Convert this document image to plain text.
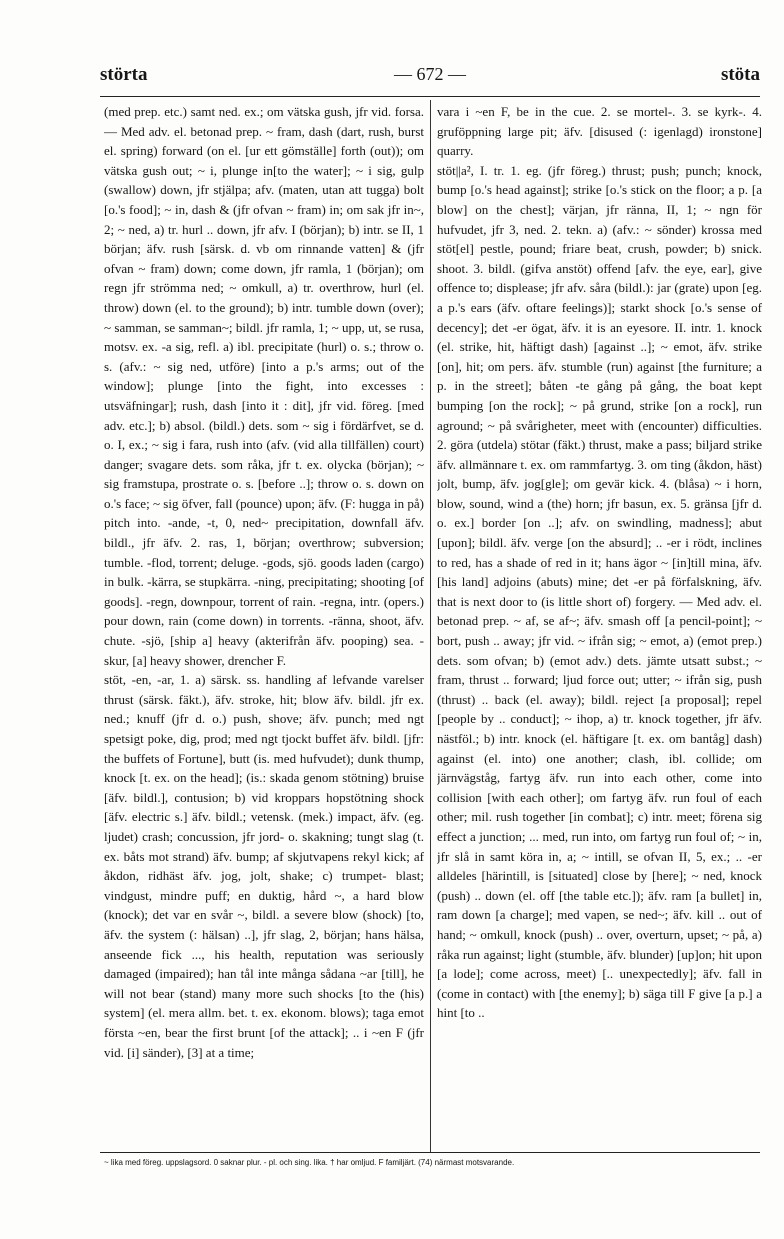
störta	— 672 —	stöta

(med prep. etc.) samt ned. ex.; om vätska gush, jfr vid. forsa. — Med adv. el. betonad prep. ~ fram, dash (dart, rush, burst el. spring) forward (on el. [ur ett gömställe] forth (out)); om vätska gush out; ~ i, plunge in[to the water]; ~ i sig, gulp (swallow) down, jfr stjälpa; afv. (maten, utan att tugga) bolt [o.'s food]; ~ in, dash & (jfr ofvan ~ fram) in; om sak jfr in~, 2; ~ ned, a) tr. hurl .. down, jfr afv. I (början); b) intr. se II, 1 början; äfv. rush [särsk. d. vb om rinnande vatten] & (jfr ofvan ~ fram) down; come down, jfr ramla, 1 (början); om regn jfr strömma ned; ~ omkull, a) tr. overthrow, hurl (el. throw) down (el. to the ground); b) intr. tumble down (over); ~ samman, se samman~; bildl. jfr ramla, 1; ~ upp, ut, se rusa, motsv. ex. -a sig, refl. a) ibl. precipitate (hurl) o. s.; throw o. s. (afv.: ~ sig ned, utföre) [into a p.'s arms; out of the window]; plunge [into the fight, into excesses : utsväfningar]; rush, dash [into it : dit], jfr vid. föreg. [med adv. etc.]; b) absol. (bildl.) dets. som ~ sig i fördärfvet, se d. o. I, ex.; ~ sig i fara, rush into (afv. (vid alla tillfällen) court) danger; svagare dets. som råka, jfr t. ex. olycka (början); ~ sig framstupa, prostrate o. s. [before ..]; throw o. s. down on o.'s face; ~ sig öfver, fall (pounce) upon; äfv. (F: hugga in på) pitch into. -ande, -t, 0, ned~ precipitation, downfall äfv. bildl., jfr äfv. 2. ras, 1, början; overthrow; subversion; tumble. -flod, torrent; deluge. -gods, sjö. goods laden (cargo) in bulk. -kärra, se stupkärra. -ning, precipitating; shooting [of goods]. -regn, downpour, torrent of rain. -regna, intr. (opers.) pour down, rain (come down) in torrents. -ränna, shoot, äfv. chute. -sjö, [ship a] heavy (akterifrån äfv. pooping) sea. -skur, [a] heavy shower, drencher F.

stöt, -en, -ar, 1. a) särsk. ss. handling af lefvande varelser thrust (särsk. fäkt.), äfv. stroke, hit; blow äfv. bildl. jfr ex. ned.; knuff (jfr d. o.) push, shove; äfv. punch; med ngt spetsigt poke, dig, prod; med ngt tjockt buffet äfv. bildl. [jfr: the buffets of Fortune], butt (is. med hufvudet); dunk thump, knock [t. ex. on the head]; (is.: skada genom stötning) bruise [äfv. bildl.], contusion; b) vid kroppars hopstötning shock [äfv. electric s.] äfv. bildl.; vetensk. (mek.) impact, äfv. (eg. ljudet) crash; concussion, jfr jord- o. skakning; tungt slag (t. ex. båts mot strand) äfv. bump; af skjutvapens rekyl kick; af åkdon, ridhäst äfv. jog, jolt, shake; c) trumpet- blast; vindgust, mindre puff; en duktig, hård ~, a hard blow (knock); det var en svår ~, bildl. a severe blow (shock) [to, äfv. the system (: hälsan) ..], jfr slag, 2, början; hans hälsa, anseende fick ..., his health, reputation was seriously damaged (impaired); han tål inte många sådana ~ar [till], he will not bear (stand) many more such shocks [to the (his) system] (el. mera allm. bet. t. ex. ekonom. blows); taga emot första ~en, bear the first brunt [of the attack]; .. i ~en F (jfr vid. [i] sänder), [3] at a time;

vara i ~en F, be in the cue. 2. se mortel-. 3. se kyrk-. 4. gruföppning large pit; äfv. [disused (: igenlagd) ironstone] quarry.

stöt||a², I. tr. 1. eg. (jfr föreg.) thrust; push; punch; knock, bump [o.'s head against]; strike [o.'s stick on the floor; a p. [a blow] on the chest]; värjan, jfr ränna, II, 1; ~ ngn för hufvudet, jfr 3, ned. 2. tekn. a) (afv.: ~ sönder) krossa med stöt[el] pestle, pound; friare beat, crush, powder; b) snick. shoot. 3. bildl. (gifva anstöt) offend [afv. the eye, ear], give offence to; displease; jfr afv. såra (bildl.): jar (grate) upon [eg. a p.'s ears (äfv. oftare feelings)]; starkt shock [o.'s sense of decency]; det -er ögat, äfv. it is an eyesore. II. intr. 1. knock (el. strike, hit, häftigt dash) [against ..]; ~ emot, äfv. strike [on], hit; om pers. äfv. stumble (run) against [the furniture; a p. in the street]; båten -te gång på gång, the boat kept bumping [on the rock]; ~ på grund, strike [on a rock], run aground; ~ på svårigheter, meet with (encounter) difficulties. 2. göra (utdela) stötar (fäkt.) thrust, make a pass; biljard strike äfv. allmännare t. ex. om rammfartyg. 3. om ting (åkdon, häst) jolt, bump, äfv. jog[gle]; om gevär kick. 4. (blåsa) ~ i horn, blow, sound, wind a (the) horn; jfr basun, ex. 5. gränsa [jfr d. o. ex.] border [on ..]; afv. on swindling, madness]; abut [upon]; bildl. äfv. verge [on the absurd]; .. -er i rödt, inclines to red, has a shade of red in it; hans ägor ~ [in]till mina, äfv. [his land] adjoins (abuts) mine; det -er på förfalskning, äfv. that is next door to (is little short of) forgery. — Med adv. el. betonad prep. ~ af, se af~; äfv. smash off [a pencil-point]; ~ bort, push .. away; jfr vid. ~ ifrån sig; ~ emot, a) (emot prep.) dets. som ofvan; b) (emot adv.) dets. jämte utsatt subst.; ~ fram, thrust .. forward; ljud force out; utter; ~ ifrån sig, push (thrust) .. back (el. away); bildl. reject [a proposal]; repel [people by .. conduct]; ~ ihop, a) tr. knock together, jfr äfv. nästföl.; b) intr. knock (el. häftigare [t. ex. om bantåg] dash) against (el. into) one another; clash, ibl. collide; om järnvägståg, fartyg äfv. run into each other, come into collision [with each other]; om fartyg äfv. run foul of each other; mil. rush together [in combat]; c) intr. meet; förena sig effect a junction; ... med, run into, om fartyg run foul of; ~ in, jfr slå in samt köra in, a; ~ intill, se ofvan II, 5, ex.; .. -er alldeles [härintill, is [situated] close by [here]; ~ ned, knock (push) .. down (el. off [the table etc.]); äfv. ram [a bullet] in, ram down [a charge]; med vapen, se ned~; äfv. kill .. out of hand; ~ omkull, knock (push) .. over, overturn, upset; ~ på, a) råka run against; light (stumble, äfv. blunder) [up]on; hit upon [a lode]; come across, meet) [.. unexpectedly]; äfv. fall in (come in contact) with [the enemy]; b) säga till F give [a p.] a hint [to ..

~ lika med föreg. uppslagsord. 0 saknar plur. - pl. och sing. lika. † har omljud. F familjärt. (74) närmast motsvarande.
